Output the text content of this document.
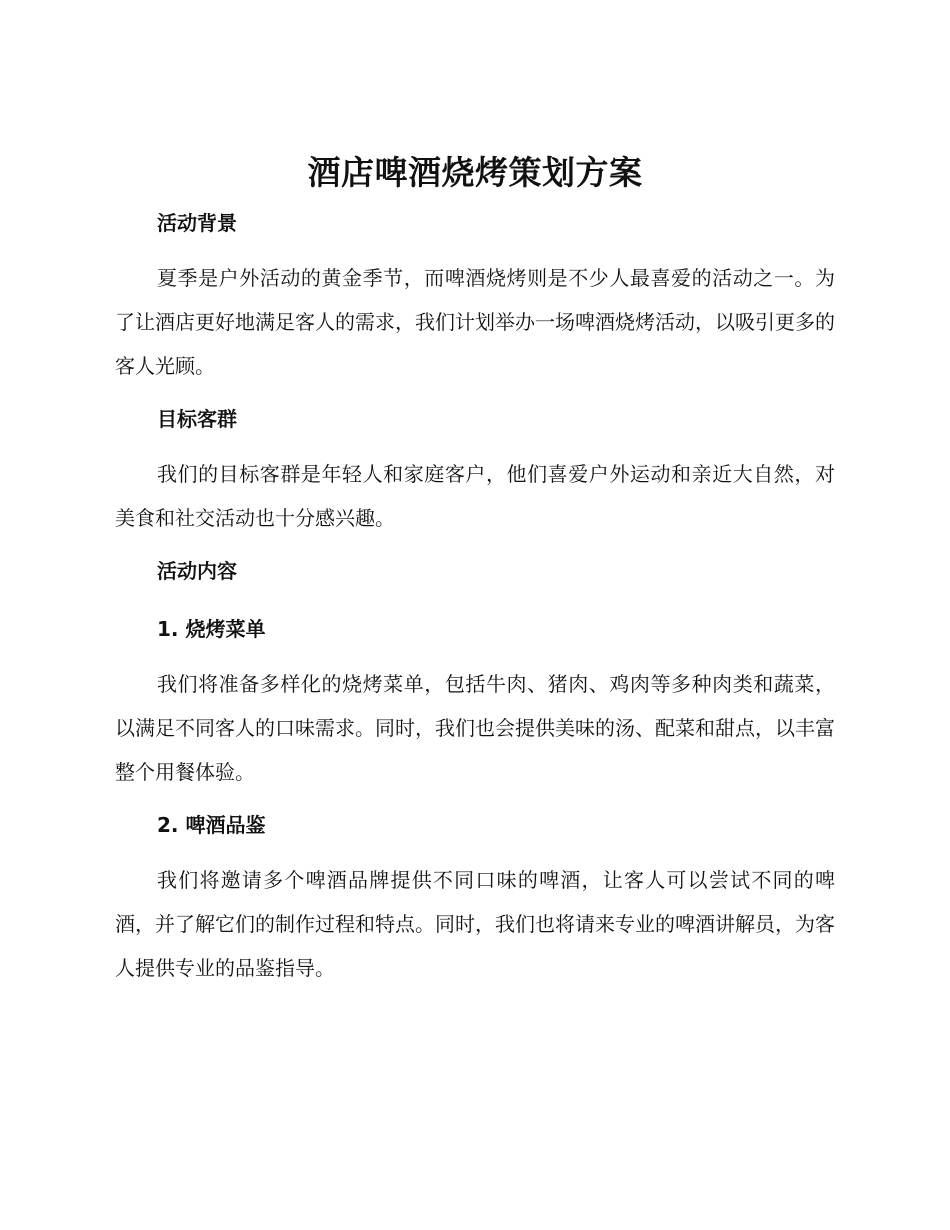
酒店啤酒烧烤策划方案
活动背景

夏季是户外活动的黄金季节，而啤酒烧烤则是不少人最喜爱的活动之一。为了让酒店更好地满足客人的需求，我们计划举办一场啤酒烧烤活动，以吸引更多的客人光顾。

目标客群

我们的目标客群是年轻人和家庭客户，他们喜爱户外运动和亲近大自然，对美食和社交活动也十分感兴趣。

活动内容
1. 烧烤菜单

我们将准备多样化的烧烤菜单，包括牛肉、猪肉、鸡肉等多种肉类和蔬菜，以满足不同客人的口味需求。同时，我们也会提供美味的汤、配菜和甜点，以丰富整个用餐体验。

2. 啤酒品鉴

我们将邀请多个啤酒品牌提供不同口味的啤酒，让客人可以尝试不同的啤酒，并了解它们的制作过程和特点。同时，我们也将请来专业的啤酒讲解员，为客人提供专业的品鉴指导。
